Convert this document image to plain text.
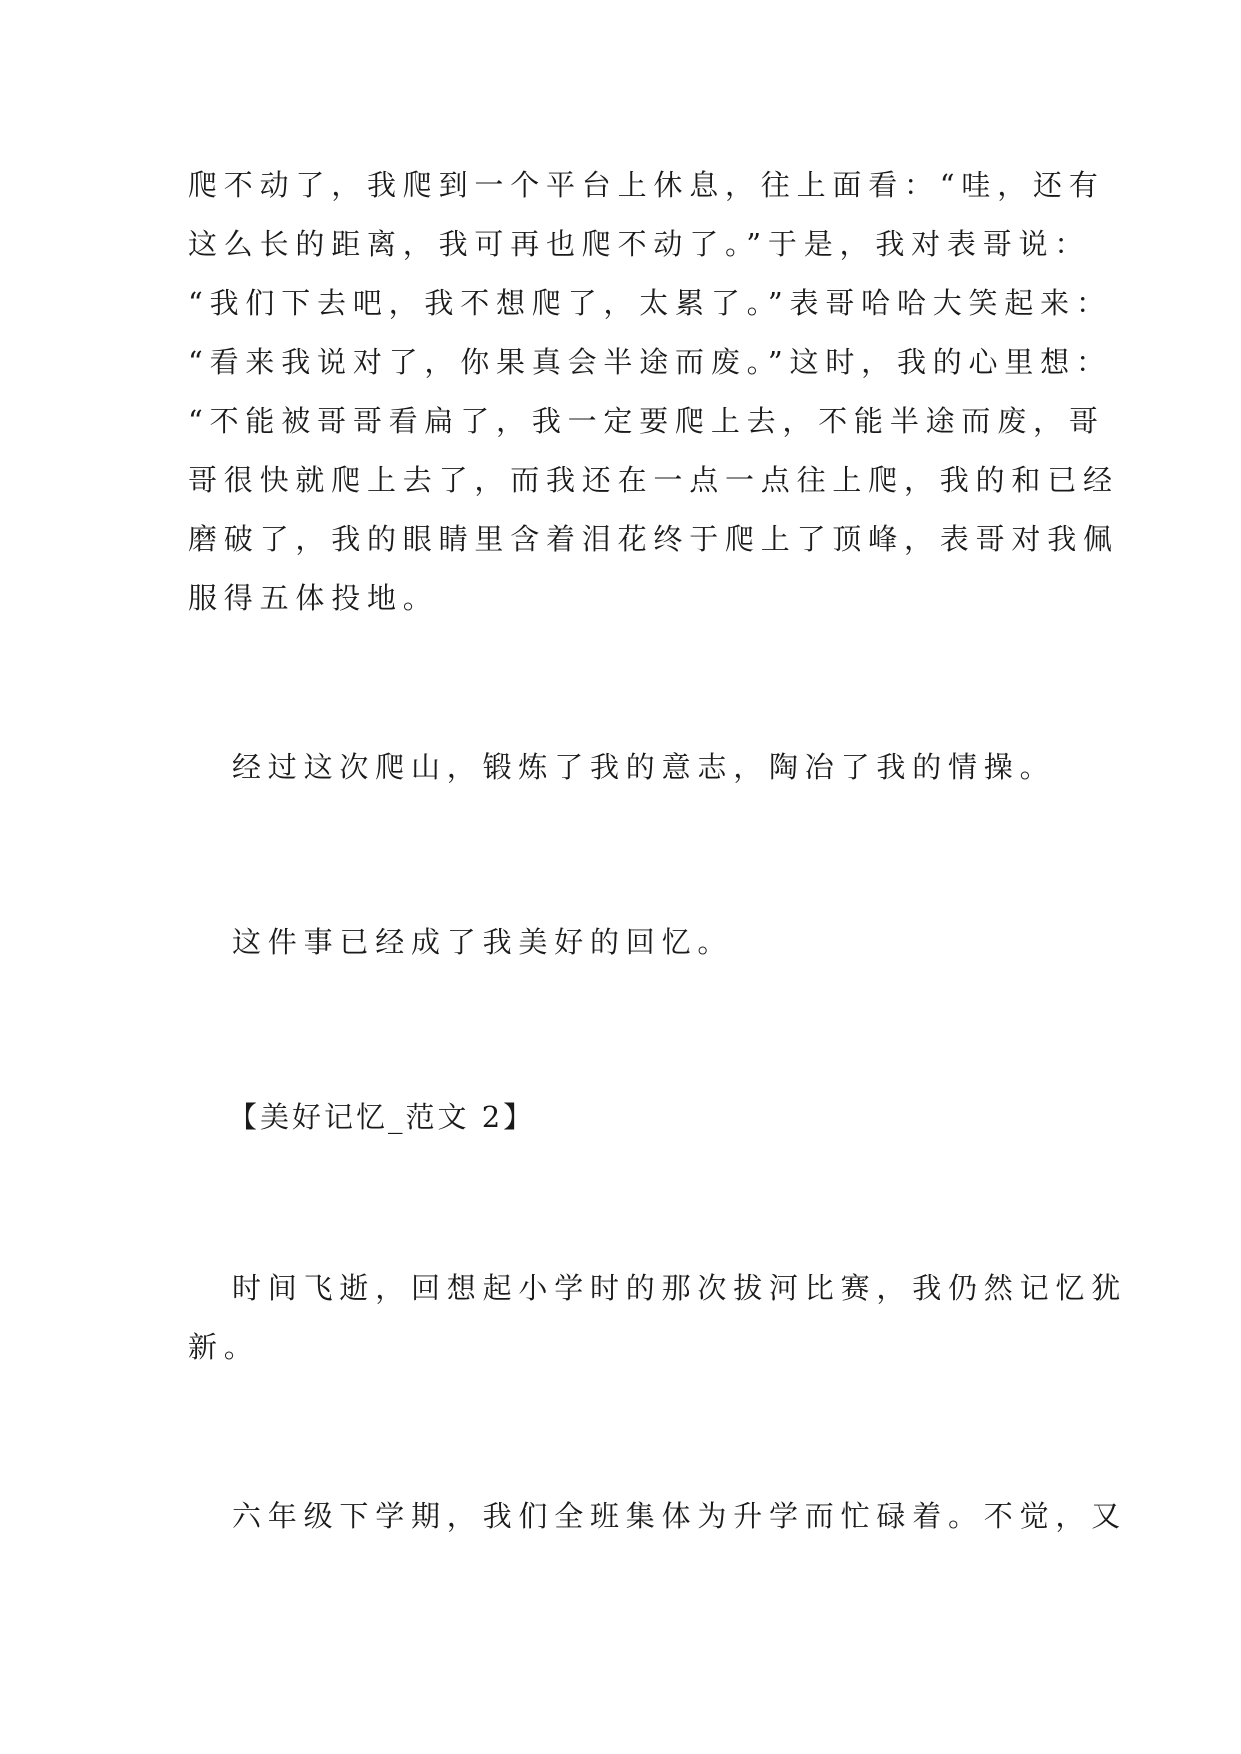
爬不动了，我爬到一个平台上休息，往上面看：“哇，还有

这么长的距离，我可再也爬不动了。”于是，我对表哥说：

“我们下去吧，我不想爬了，太累了。”表哥哈哈大笑起来：

“看来我说对了，你果真会半途而废。”这时，我的心里想：

“不能被哥哥看扁了，我一定要爬上去，不能半途而废，哥

哥很快就爬上去了，而我还在一点一点往上爬，我的和已经

磨破了，我的眼睛里含着泪花终于爬上了顶峰，表哥对我佩

服得五体投地。

经过这次爬山，锻炼了我的意志，陶冶了我的情操。

这件事已经成了我美好的回忆。

【美好记忆_范文 2】

时间飞逝，回想起小学时的那次拔河比赛，我仍然记忆犹

新。

六年级下学期，我们全班集体为升学而忙碌着。不觉，又
